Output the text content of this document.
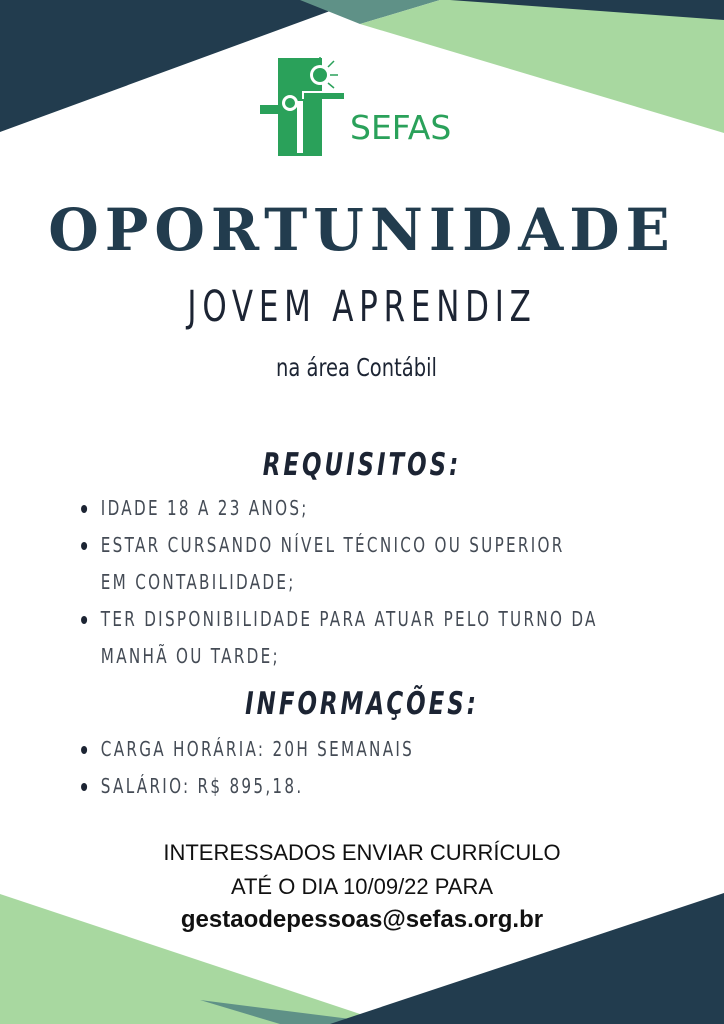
SEFAS
OPORTUNIDADE
JOVEM APRENDIZ
na área Contábil
REQUISITOS:
IDADE 18 A 23 ANOS;
ESTAR CURSANDO NÍVEL TÉCNICO OU SUPERIOR EM CONTABILIDADE;
TER DISPONIBILIDADE PARA ATUAR PELO TURNO DA MANHÃ OU TARDE;
INFORMAÇÕES:
CARGA HORÁRIA: 20H SEMANAIS
SALÁRIO: R$ 895,18.
INTERESSADOS ENVIAR CURRÍCULO
ATÉ O DIA 10/09/22 PARA
gestaodepessoas@sefas.org.br
